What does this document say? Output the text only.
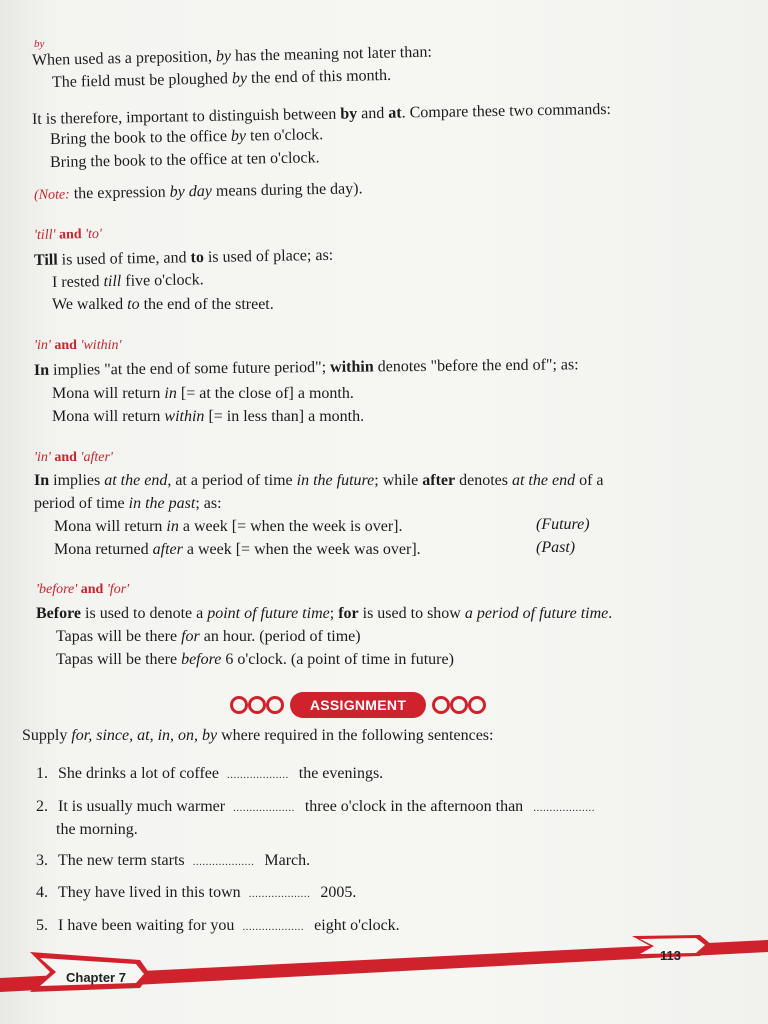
by
When used as a preposition, by has the meaning not later than:
The field must be ploughed by the end of this month.
It is therefore, important to distinguish between by and at. Compare these two commands:
Bring the book to the office by ten o'clock.
Bring the book to the office at ten o'clock.
(Note: the expression by day means during the day).
'till' and 'to'
Till is used of time, and to is used of place; as:
I rested till five o'clock.
We walked to the end of the street.
'in' and 'within'
In implies "at the end of some future period"; within denotes "before the end of"; as:
Mona will return in [= at the close of] a month.
Mona will return within [= in less than] a month.
'in' and 'after'
In implies at the end, at a period of time in the future; while after denotes at the end of a
period of time in the past; as:
Mona will return in a week [= when the week is over].	(Future)
Mona returned after a week [= when the week was over].	(Past)
'before' and 'for'
Before is used to denote a point of future time; for is used to show a period of future time.
Tapas will be there for an hour. (period of time)
Tapas will be there before 6 o'clock. (a point of time in future)
ASSIGNMENT
Supply for, since, at, in, on, by where required in the following sentences:
1. She drinks a lot of coffee ................... the evenings.
2. It is usually much warmer ................... three o'clock in the afternoon than ...................
the morning.
3. The new term starts ................... March.
4. They have lived in this town ................... 2005.
5. I have been waiting for you ................... eight o'clock.
Chapter 7
113
